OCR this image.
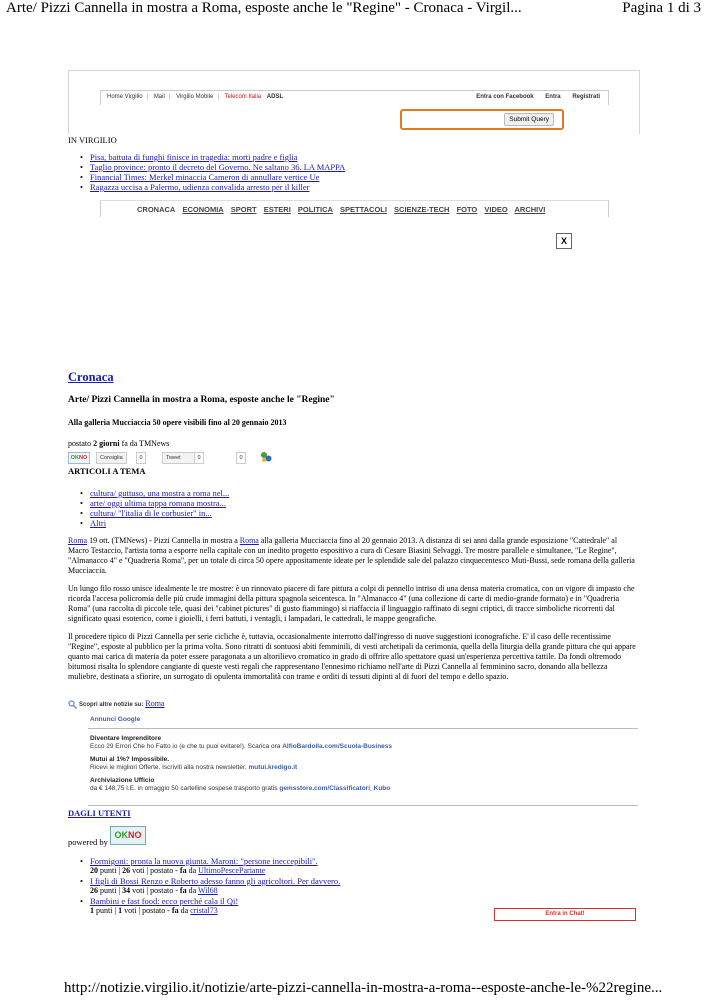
Arte/ Pizzi Cannella in mostra a Roma, esposte anche le "Regine" - Cronaca - Virgil...	Pagina 1 di 3
Home Virgilio | Mail | Virgilio Mobile | Telecom Italia ADSL	Entra con Facebook Entra Registrati
Submit Query
IN VIRGILIO
• Pisa, battuta di funghi finisce in tragedia: morti padre e figlia
• Taglio province: pronto il decreto del Governo. Ne saltano 36. LA MAPPA
• Financial Times: Merkel minaccia Cameron di annullare vertice Ue
• Ragazza uccisa a Palermo, udienza convalida arresto per il killer
CRONACA ECONOMIA SPORT ESTERI POLITICA SPETTACOLI SCIENZE-TECH FOTO VIDEO ARCHIVI
X
Cronaca
Arte/ Pizzi Cannella in mostra a Roma, esposte anche le "Regine"
Alla galleria Mucciaccia 50 opere visibili fino al 20 gennaio 2013
postato 2 giorni fa da TMNews
OKNO	Consiglia	0	Tweet	0	0
ARTICOLI A TEMA
• cultura/ guttuso, una mostra a roma nel...
• arte/ oggi ultima tappa romana mostra...
• cultura/ "l'italia di le corbusier" in...
• Altri
Roma 19 ott. (TMNews) - Pizzi Cannella in mostra a Roma alla galleria Mucciaccia fino al 20 gennaio 2013. A distanza di sei anni dalla grande esposizione "Cattedrale" al Macro Testaccio, l'artista torna a esporre nella capitale con un inedito progetto espositivo a cura di Cesare Biasini Selvaggi. Tre mostre parallele e simultanee, "Le Regine", "Almanacco 4" e "Quadreria Roma", per un totale di circa 50 opere appositamente ideate per le splendide sale del palazzo cinquecentesco Muti-Bussi, sede romana della galleria Mucciaccia.
Un lungo filo rosso unisce idealmente le tre mostre: è un rinnovato piacere di fare pittura a colpi di pennello intriso di una densa materia cromatica, con un vigore di impasto che ricorda l'accesa policromia delle più crude immagini della pittura spagnola seicentesca. In "Almanacco 4" (una collezione di carte di medio-grande formato) e in "Quadreria Roma" (una raccolta di piccole tele, quasi dei "cabinet pictures" di gusto fiammingo) si riaffaccia il linguaggio raffinato di segni criptici, di tracce simboliche ricorrenti dal significato quasi esoterico, come i gioielli, i ferri battuti, i ventagli, i lampadari, le cattedrali, le mappe geografiche.
Il procedere tipico di Pizzi Cannella per serie cicliche è, tuttavia, occasionalmente interrotto dall'ingresso di nuove suggestioni iconografiche. E' il caso delle recentissime "Regine", esposte al pubblico per la prima volta. Sono ritratti di sontuosi abiti femminili, di vesti archetipali da cerimonia, quella della liturgia della grande pittura che qui appare quanto mai carica di materia da poter essere paragonata a un altorilievo cromatico in grado di offrire allo spettatore quasi un'esperienza percettiva tattile. Da fondi oltremodo bitumosi risalta lo splendore cangiante di queste vesti regali che rappresentano l'ennesimo richiamo nell'arte di Pizzi Cannella al femminino sacro, donando alla bellezza muliebre, destinata a sfiorire, un surrogato di opulenta immortalità con trame e orditi di tessuti dipinti al di fuori del tempo e dello spazio.
Scopri altre notizie su: Roma
Annunci Google
Diventare Imprenditore
Ecco 29 Errori Che ho Fatto io (e che tu puoi evitare!). Scarica ora AlfioBardolla.com/Scuola-Business
Mutui al 1%? Impossibile.
Ricevi le migliori Offerte. Iscriviti alla nostra newsletter. mutui.kredigo.it
Archiviazione Ufficio
da € 148,75 I.E. in omaggio 50 cartelline sospese trasporto gratis gemsstore.com/Classificatori_Kubo
DAGLI UTENTI
powered by
OKNO
• Formigoni: pronta la nuova giunta. Maroni: "persone ineccepibili".
20 punti | 26 voti | postato - fa da UltimoPescePariante
• I figli di Bossi Renzo e Roberto adesso fanno gli agricoltori. Per davvero.
26 punti | 34 voti | postato - fa da Wil68
• Bambini e fast food: ecco perché cala il Qi!
1 punti | 1 voti | postato - fa da cristal73	Entra in Chat!
http://notizie.virgilio.it/notizie/arte-pizzi-cannella-in-mostra-a-roma--esposte-anche-le-%22regine...
